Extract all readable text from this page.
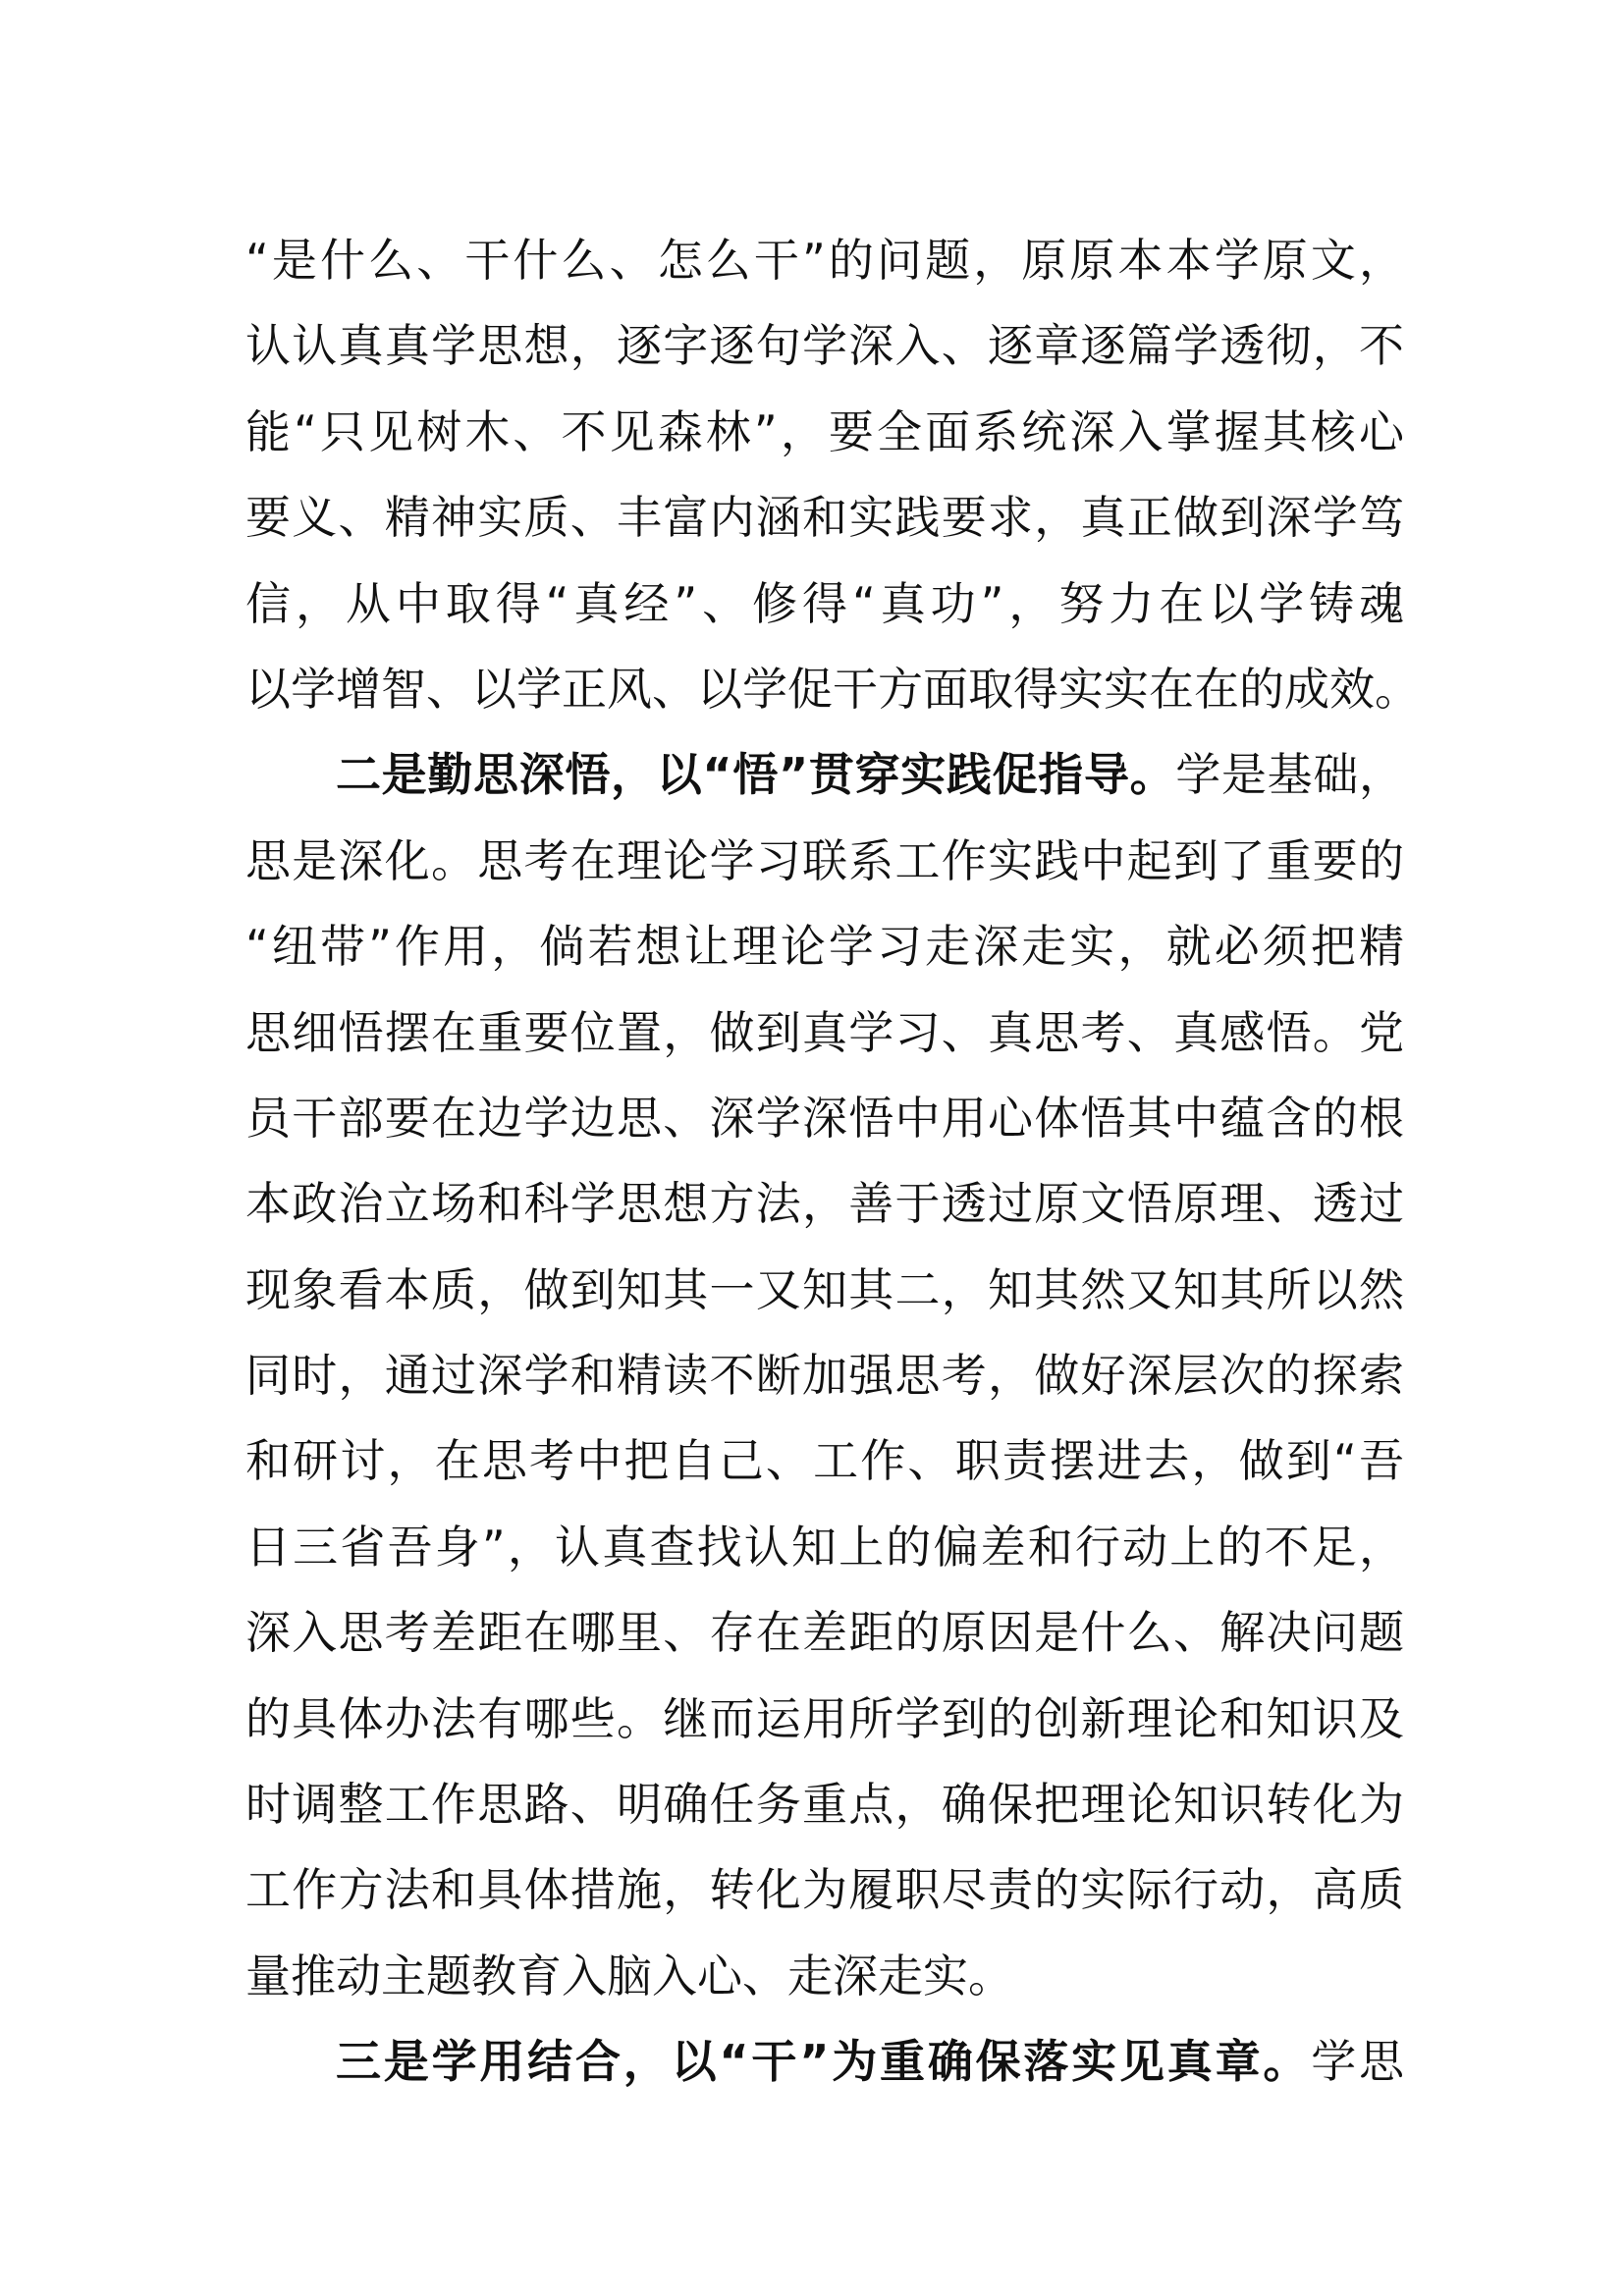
“是什么、干什么、怎么干”的问题，原原本本学原文，
认认真真学思想，逐字逐句学深入、逐章逐篇学透彻，不
能“只见树木、不见森林”，要全面系统深入掌握其核心
要义、精神实质、丰富内涵和实践要求，真正做到深学笃
信，从中取得“真经”、修得“真功”，努力在以学铸魂
以学增智、以学正风、以学促干方面取得实实在在的成效。
二是勤思深悟，以“悟”贯穿实践促指导。学是基础，
思是深化。思考在理论学习联系工作实践中起到了重要的
“纽带”作用，倘若想让理论学习走深走实，就必须把精
思细悟摆在重要位置，做到真学习、真思考、真感悟。党
员干部要在边学边思、深学深悟中用心体悟其中蕴含的根
本政治立场和科学思想方法，善于透过原文悟原理、透过
现象看本质，做到知其一又知其二，知其然又知其所以然
同时，通过深学和精读不断加强思考，做好深层次的探索
和研讨，在思考中把自己、工作、职责摆进去，做到“吾
日三省吾身”，认真查找认知上的偏差和行动上的不足，
深入思考差距在哪里、存在差距的原因是什么、解决问题
的具体办法有哪些。继而运用所学到的创新理论和知识及
时调整工作思路、明确任务重点，确保把理论知识转化为
工作方法和具体措施，转化为履职尽责的实际行动，高质
量推动主题教育入脑入心、走深走实。
三是学用结合，以“干”为重确保落实见真章。学思
